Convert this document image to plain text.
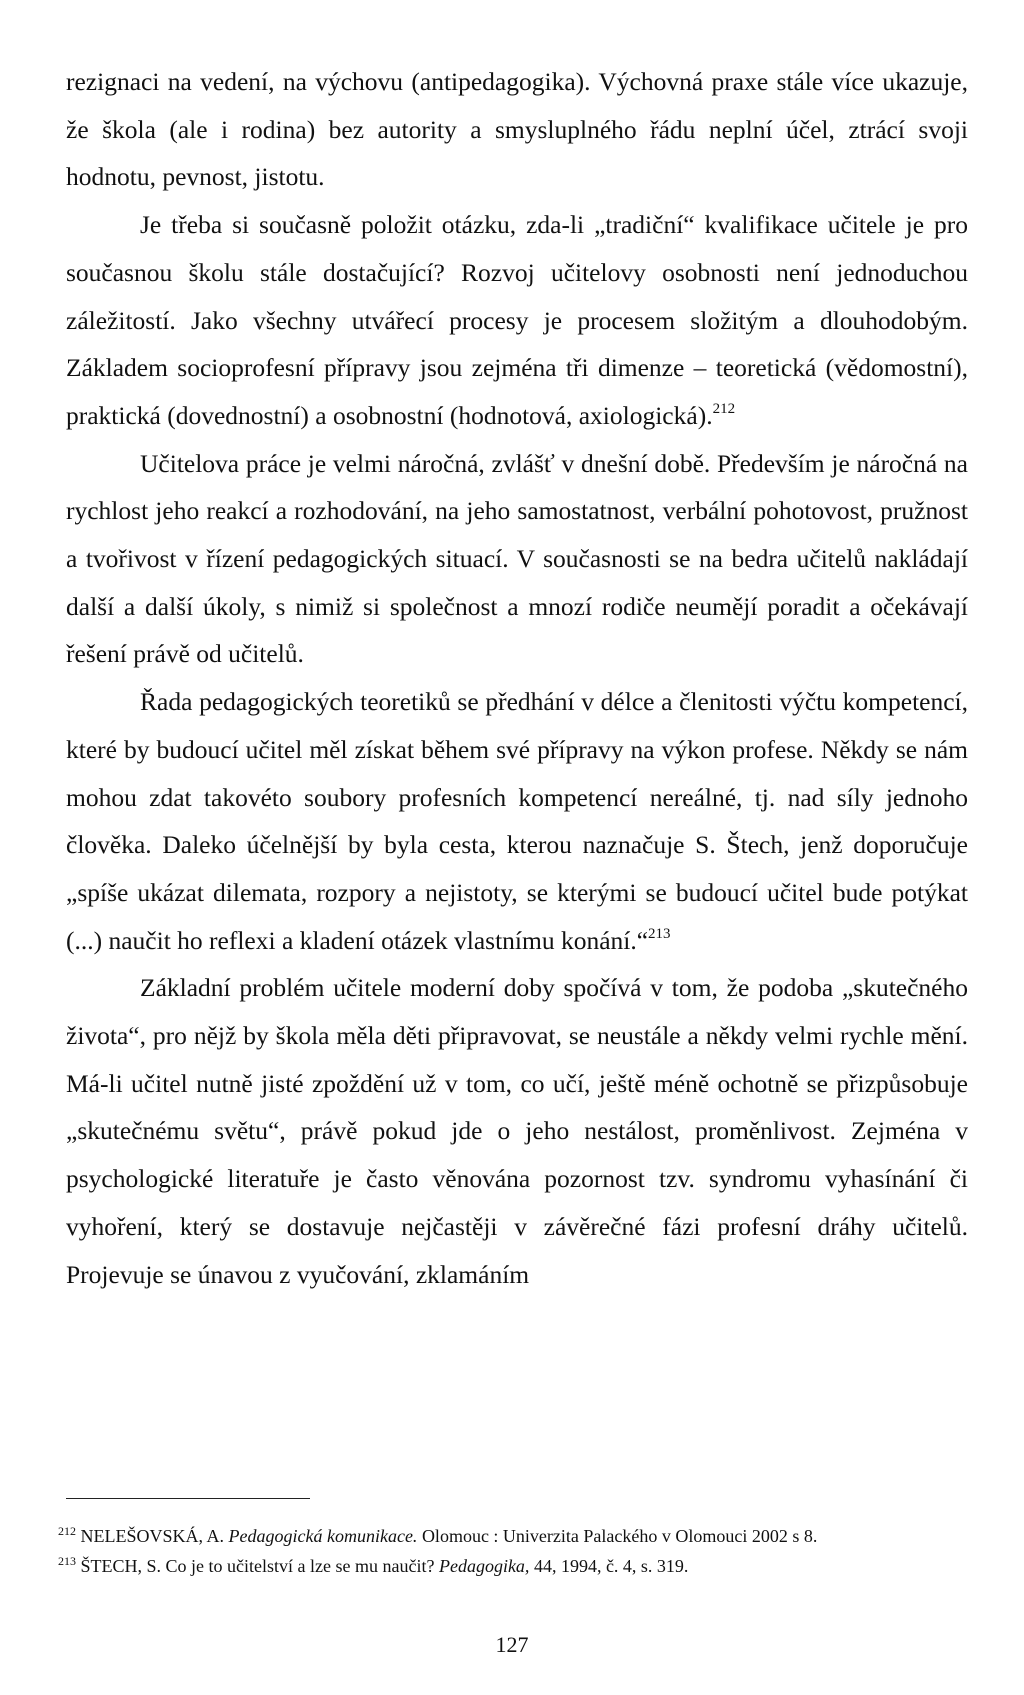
rezignaci na vedení, na výchovu (antipedagogika). Výchovná praxe stále více ukazuje, že škola (ale i rodina) bez autority a smysluplného řádu neplní účel, ztrácí svoji hodnotu, pevnost, jistotu.

Je třeba si současně položit otázku, zda-li „tradiční“ kvalifikace učitele je pro současnou školu stále dostačující? Rozvoj učitelovy osobnosti není jednoduchou záležitostí. Jako všechny utvářecí procesy je procesem složitým a dlouhodobým. Základem socioprofesní přípravy jsou zejména tři dimenze – teoretická (vědomostní), praktická (dovednostní) a osobnostní (hodnotová, axiologická).$^{212}$

Učitelova práce je velmi náročná, zvlášť v dnešní době. Především je náročná na rychlost jeho reakcí a rozhodování, na jeho samostatnost, verbální pohotovost, pružnost a tvořivost v řízení pedagogických situací. V současnosti se na bedra učitelů nakládají další a další úkoly, s nimiž si společnost a mnozí rodiče neumějí poradit a očekávají řešení právě od učitelů.

Řada pedagogických teoretiků se předhání v délce a členitosti výčtu kompetencí, které by budoucí učitel měl získat během své přípravy na výkon profese. Někdy se nám mohou zdat takovéto soubory profesních kompetencí nereálné, tj. nad síly jednoho člověka. Daleko účelnější by byla cesta, kterou naznačuje S. Štech, jenž doporučuje „spíše ukázat dilemata, rozpory a nejistoty, se kterými se budoucí učitel bude potýkat (...) naučit ho reflexi a kladení otázek vlastnímu konání.“$^{213}$

Základní problém učitele moderní doby spočívá v tom, že podoba „skutečného života“, pro nějž by škola měla děti připravovat, se neustále a někdy velmi rychle mění. Má-li učitel nutně jisté zpoždění už v tom, co učí, ještě méně ochotně se přizpůsobuje „skutečnému světu“, právě pokud jde o jeho nestálost, proměnlivost. Zejména v psychologické literatuře je často věnována pozornost tzv. syndromu vyhasínání či vyhoření, který se dostavuje nejčastěji v závěrečné fázi profesní dráhy učitelů. Projevuje se únavou z vyučování, zklamáním

$^{212}$ NELEŠOVSKÁ, A. Pedagogická komunikace. Olomouc : Univerzita Palackého v Olomouci 2002 s 8.

$^{213}$ ŠTECH, S. Co je to učitelství a lze se mu naučit? Pedagogika, 44, 1994, č. 4, s. 319.

127
